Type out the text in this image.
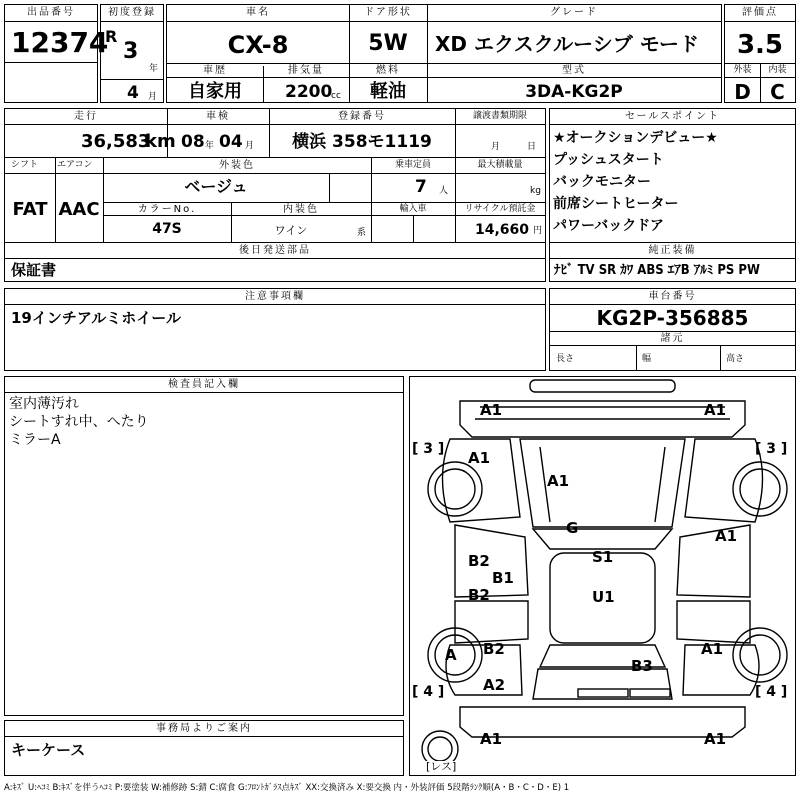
出品番号
12374
初度登録
R
3
年
4 月
車名
CX-8
ドア形状
5W
グレード
XD エクスクルーシブ モード
車歴
自家用
排気量
2200
cc
燃料
軽油
型式
3DA-KG2P
評価点
3.5
外装	内装
D C
走行
36,583
km
車検
08 年 04 月
登録番号
横浜 358モ1119
譲渡書類期限
月	日
シフト
FAT
エアコン
AAC
外装色
ベージュ
乗車定員
7 人
最大積載量
kg
カラーNo.
47S
内装色
ワイン	系
輸入車	リサイクル預託金
14,660 円
後日発送部品
保証書
セールスポイント
★オークションデビュー★
プッシュスタート
バックモニター
前席シートヒーター
パワーバックドア
純正装備
ﾅﾋﾞ TV SR ｶﾜ ABS ｴｱB ｱﾙﾐ PS PW
注意事項欄
19インチアルミホイール
車台番号
KG2P-356885
諸元
長さ	幅	高さ
検査員記入欄
室内薄汚れ
シートすれ中、へたり
ミラーA
事務局よりご案内
キーケース
[ 3 ]	[ 3 ]
[ 4 ]	[ 4 ]
[レス]
A1	A1
A1
A1
G	A1
B2	S1
B1
B2	U1
A B2	A1
B3
A2
A1	A1
A:ｷｽﾞ U:ﾍｺﾐ B:ｷｽﾞを伴うﾍｺﾐ P:要塗装 W:補修跡 S:錆 C:腐食 G:ﾌﾛﾝﾄｶﾞﾗｽ点ｷｽﾞ XX:交換済み X:要交換 内・外装評価 5段階ﾗﾝｸ順(A・B・C・D・E) 1
